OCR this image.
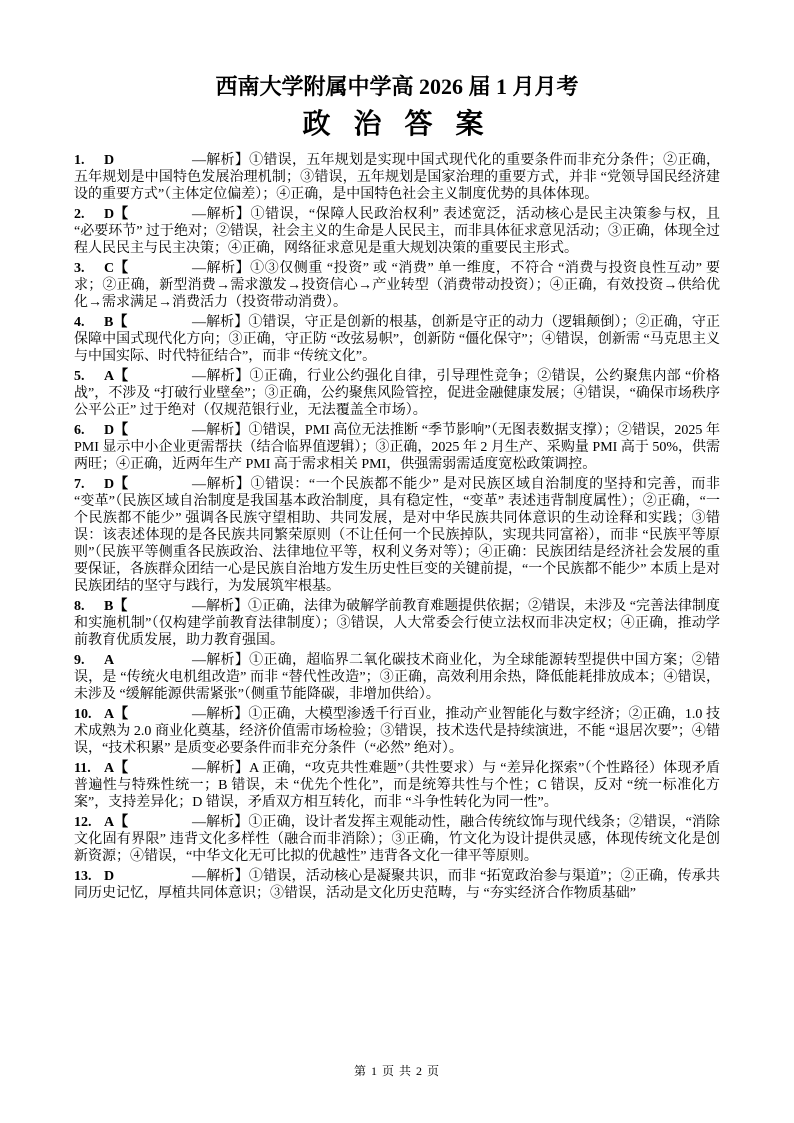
西南大学附属中学高 2026 届 1 月月考
政 治 答 案
1. D	—解析】①错误，五年规划是实现中国式现代化的重要条件而非充分条件；②正确，五年规划是中国特色发展治理机制；③错误，五年规划是国家治理的重要方式，并非 “党领导国民经济建设的重要方式”（主体定位偏差）；④正确，是中国特色社会主义制度优势的具体体现。
2. D【	—解析】①错误，“保障人民政治权利” 表述宽泛，活动核心是民主决策参与权，且 “必要环节” 过于绝对；②错误，社会主义的生命是人民民主，而非具体征求意见活动；③正确，体现全过程人民民主与民主决策；④正确，网络征求意见是重大规划决策的重要民主形式。
3. C【	—解析】①③仅侧重 “投资” 或 “消费” 单一维度，不符合 “消费与投资良性互动” 要求；②正确，新型消费→需求激发→投资信心→产业转型（消费带动投资）；④正确，有效投资→供给优化→需求满足→消费活力（投资带动消费）。
4. B【	—解析】①错误，守正是创新的根基，创新是守正的动力（逻辑颠倒）；②正确，守正保障中国式现代化方向；③正确，守正防 “改弦易帜”，创新防 “僵化保守”；④错误，创新需 “马克思主义与中国实际、时代特征结合”，而非 “传统文化”。
5. A【	—解析】①正确，行业公约强化自律，引导理性竞争；②错误，公约聚焦内部 “价格战”，不涉及 “打破行业壁垒”；③正确，公约聚焦风险管控，促进金融健康发展；④错误，“确保市场秩序公平公正” 过于绝对（仅规范银行业，无法覆盖全市场）。
6. D【	—解析】①错误，PMI 高位无法推断 “季节影响”（无图表数据支撑）；②错误，2025 年 PMI 显示中小企业更需帮扶（结合临界值逻辑）；③正确，2025 年 2 月生产、采购量 PMI 高于 50%，供需两旺；④正确，近两年生产 PMI 高于需求相关 PMI，供强需弱需适度宽松政策调控。
7. D【	—解析】①错误：“一个民族都不能少” 是对民族区域自治制度的坚持和完善，而非 “变革”（民族区域自治制度是我国基本政治制度，具有稳定性，“变革” 表述违背制度属性）；②正确，“一个民族都不能少” 强调各民族守望相助、共同发展，是对中华民族共同体意识的生动诠释和实践；③错误：该表述体现的是各民族共同繁荣原则（不让任何一个民族掉队，实现共同富裕），而非 “民族平等原则”（民族平等侧重各民族政治、法律地位平等，权利义务对等）；④正确：民族团结是经济社会发展的重要保证，各族群众团结一心是民族自治地方发生历史性巨变的关键前提，“一个民族都不能少” 本质上是对民族团结的坚守与践行，为发展筑牢根基。
8. B【	—解析】①正确，法律为破解学前教育难题提供依据；②错误，未涉及 “完善法律制度和实施机制”（仅构建学前教育法律制度）；③错误，人大常委会行使立法权而非决定权；④正确，推动学前教育优质发展，助力教育强国。
9. A	—解析】①正确，超临界二氧化碳技术商业化，为全球能源转型提供中国方案；②错误，是 “传统火电机组改造” 而非 “替代性改造”；③正确，高效利用余热，降低能耗排放成本；④错误，未涉及 “缓解能源供需紧张”（侧重节能降碳，非增加供给）。
10. A【	—解析】①正确，大模型渗透千行百业，推动产业智能化与数字经济；②正确，1.0 技术成熟为 2.0 商业化奠基，经济价值需市场检验；③错误，技术迭代是持续演进，不能 “退居次要”；④错误，“技术积累” 是质变必要条件而非充分条件（“必然” 绝对）。
11. A【	—解析】A 正确，“攻克共性难题”（共性要求）与 “差异化探索”（个性路径）体现矛盾普遍性与特殊性统一；B 错误，未 “优先个性化”，而是统筹共性与个性；C 错误，反对 “统一标准化方案”，支持差异化；D 错误，矛盾双方相互转化，而非 “斗争性转化为同一性”。
12. A【	—解析】①正确，设计者发挥主观能动性，融合传统纹饰与现代线条；②错误，“消除文化固有界限” 违背文化多样性（融合而非消除）；③正确，竹文化为设计提供灵感，体现传统文化是创新资源；④错误，“中华文化无可比拟的优越性” 违背各文化一律平等原则。
13. D	—解析】①错误，活动核心是凝聚共识，而非 “拓宽政治参与渠道”；②正确，传承共同历史记忆，厚植共同体意识；③错误，活动是文化历史范畴，与 “夯实经济合作物质基础”
第 1 页 共 2 页
